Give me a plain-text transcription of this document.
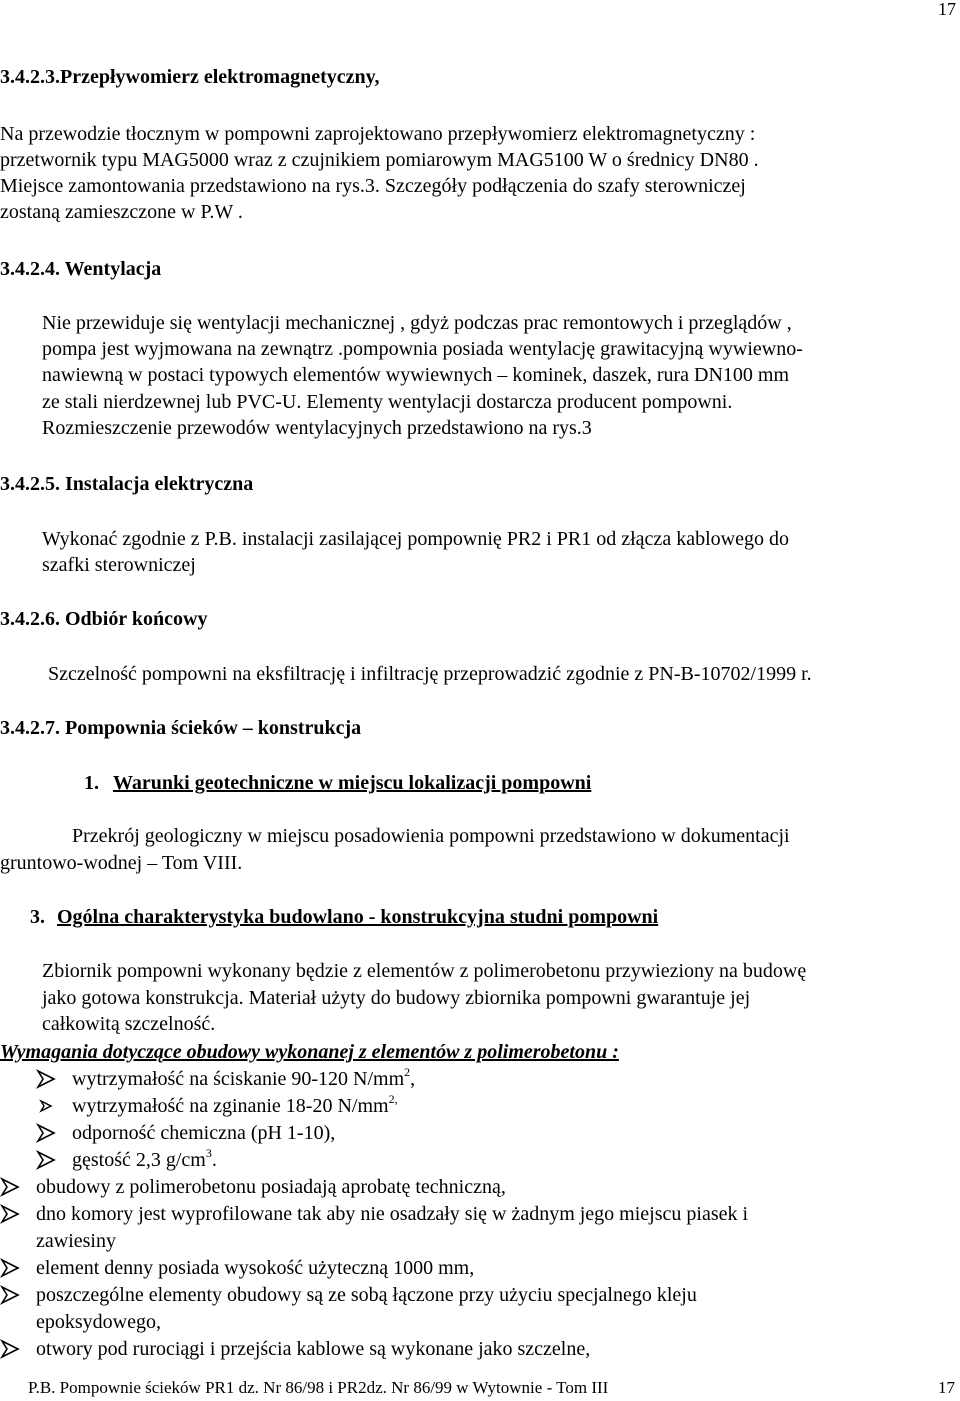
17
3.4.2.3.Przepływomierz elektromagnetyczny,
Na przewodzie tłocznym w pompowni zaprojektowano przepływomierz elektromagnetyczny :
przetwornik typu MAG5000 wraz z czujnikiem pomiarowym MAG5100 W o średnicy DN80 .
Miejsce zamontowania przedstawiono na rys.3. Szczegóły podłączenia do szafy sterowniczej
zostaną zamieszczone w P.W .
3.4.2.4. Wentylacja
Nie przewiduje się wentylacji mechanicznej , gdyż podczas prac remontowych i przeglądów ,
pompa jest wyjmowana na zewnątrz .pompownia posiada wentylację grawitacyjną wywiewno-
nawiewną w postaci typowych elementów wywiewnych – kominek, daszek, rura DN100 mm
ze stali nierdzewnej lub PVC-U. Elementy wentylacji dostarcza producent pompowni.
Rozmieszczenie przewodów wentylacyjnych przedstawiono na rys.3
3.4.2.5. Instalacja elektryczna
Wykonać zgodnie z P.B. instalacji zasilającej pompownię PR2 i PR1 od złącza kablowego do
szafki sterowniczej
3.4.2.6. Odbiór końcowy
Szczelność pompowni na eksfiltrację i infiltrację przeprowadzić zgodnie z PN-B-10702/1999 r.
3.4.2.7. Pompownia ścieków – konstrukcja
1. Warunki geotechniczne w miejscu lokalizacji pompowni
Przekrój geologiczny w miejscu posadowienia pompowni przedstawiono w dokumentacji
gruntowo-wodnej – Tom VIII.
3. Ogólna charakterystyka budowlano - konstrukcyjna studni pompowni
Zbiornik pompowni wykonany będzie z elementów z polimerobetonu przywieziony na budowę
jako gotowa konstrukcja. Materiał użyty do budowy zbiornika pompowni gwarantuje jej
całkowitą szczelność.
Wymagania dotyczące obudowy wykonanej z elementów z polimerobetonu :
wytrzymałość na ściskanie 90-120 $N/mm^2$,
wytrzymałość na zginanie 18-20 $N/mm^{2,}$
odporność chemiczna (pH 1-10),
gęstość 2,3 $g/cm^3$.
obudowy z polimerobetonu posiadają aprobatę techniczną,
dno komory jest wyprofilowane tak aby nie osadzały się w żadnym jego miejscu piasek i
zawiesiny
element denny posiada wysokość użyteczną 1000 mm,
poszczególne elementy obudowy są ze sobą łączone przy użyciu specjalnego kleju
epoksydowego,
otwory pod rurociągi i przejścia kablowe są wykonane jako szczelne,
P.B. Pompownie ścieków PR1 dz. Nr 86/98 i PR2dz. Nr 86/99 w Wytownie - Tom III	17
